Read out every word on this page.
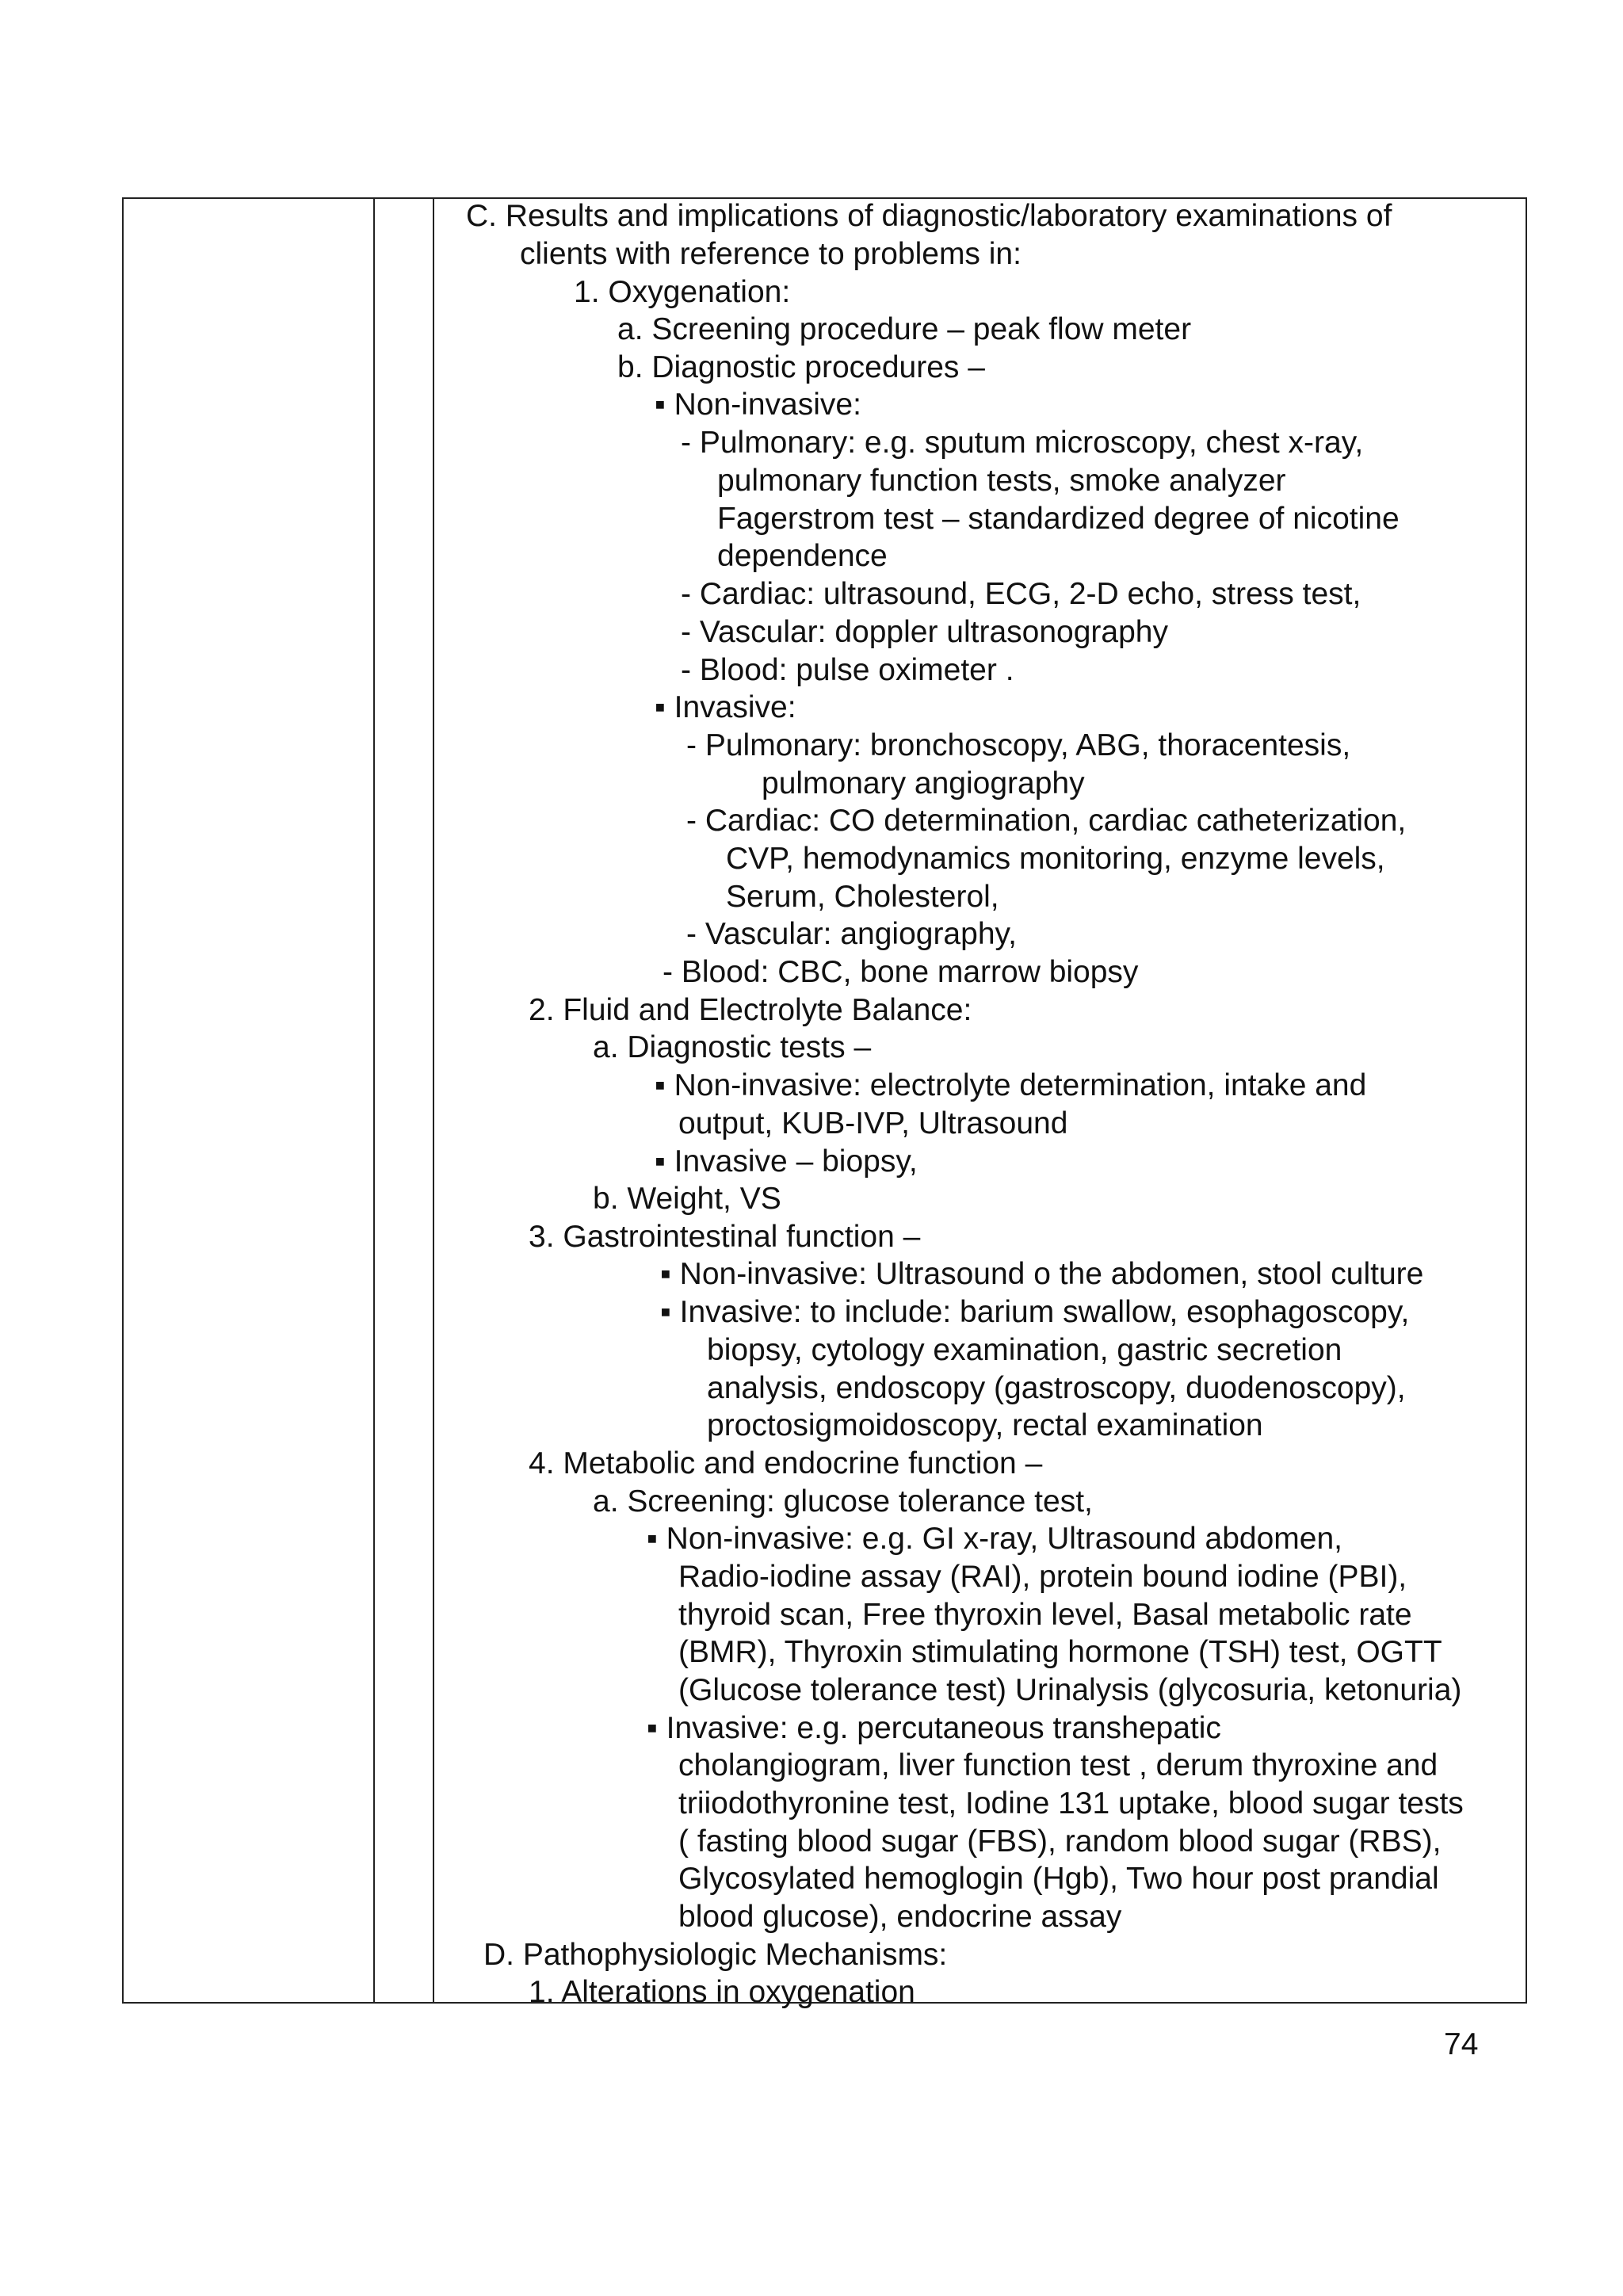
C. Results and implications of diagnostic/laboratory examinations of
clients with reference to problems in:
1. Oxygenation:
a. Screening procedure – peak flow meter
b. Diagnostic procedures –
▪ Non-invasive:
- Pulmonary: e.g. sputum microscopy, chest x-ray,
pulmonary function tests, smoke analyzer
Fagerstrom test – standardized degree of nicotine
dependence
- Cardiac: ultrasound, ECG, 2-D echo, stress test,
- Vascular: doppler ultrasonography
- Blood: pulse oximeter .
▪ Invasive:
- Pulmonary: bronchoscopy, ABG, thoracentesis,
pulmonary angiography
- Cardiac: CO determination, cardiac catheterization,
CVP, hemodynamics monitoring, enzyme levels,
Serum, Cholesterol,
- Vascular: angiography,
- Blood: CBC, bone marrow biopsy
2. Fluid and Electrolyte Balance:
a. Diagnostic tests –
▪ Non-invasive: electrolyte determination, intake and
output, KUB-IVP, Ultrasound
▪ Invasive – biopsy,
b. Weight, VS
3. Gastrointestinal function –
▪ Non-invasive: Ultrasound o the abdomen, stool culture
▪ Invasive: to include: barium swallow, esophagoscopy,
biopsy, cytology examination, gastric secretion
analysis, endoscopy (gastroscopy, duodenoscopy),
proctosigmoidoscopy, rectal examination
4. Metabolic and endocrine function –
a. Screening: glucose tolerance test,
▪ Non-invasive: e.g. GI x-ray, Ultrasound abdomen,
Radio-iodine assay (RAI), protein bound iodine (PBI),
thyroid scan, Free thyroxin level, Basal metabolic rate
(BMR), Thyroxin stimulating hormone (TSH) test, OGTT
(Glucose tolerance test) Urinalysis (glycosuria, ketonuria)
▪ Invasive: e.g. percutaneous transhepatic
cholangiogram, liver function test , derum thyroxine and
triiodothyronine test, Iodine 131 uptake, blood sugar tests
( fasting blood sugar (FBS), random blood sugar (RBS),
Glycosylated hemoglogin (Hgb), Two hour post prandial
blood glucose), endocrine assay
D. Pathophysiologic Mechanisms:
1. Alterations in oxygenation
74
